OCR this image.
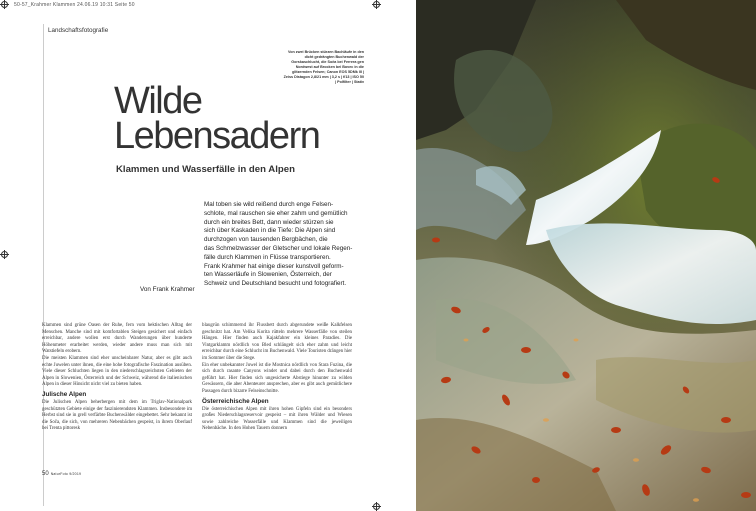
50-57_Krahmer Klammen 24.06.19 10:31 Seite 50
Landschaftsfotografie
Von zwei Brücken stürzen Bachläufe in den dicht gedrängten Buchenwald der Gorskaschlucht, die Soča bei Ferrera gen Nordwest auf Brocken bei Bovec in die glitzernden Felsen; Canon EOS 5DMk III | Zeiss Distagon 2,8/21 mm | 3,2 s | f/13 | ISO 50 | Polfilter | Stativ
Wilde
Lebensadern
Klammen und Wasserfälle in den Alpen
Mal toben sie wild reißend durch enge Felsen-
schlote, mal rauschen sie eher zahm und gemütlich
durch ein breites Bett, dann wieder stürzen sie
sich über Kaskaden in die Tiefe: Die Alpen sind
durchzogen von tausenden Bergbächen, die
das Schmelzwasser der Gletscher und lokale Regen-
fälle durch Klammen in Flüsse transportieren.
Frank Krahmer hat einige dieser kunstvoll geform-
ten Wasserläufe in Slowenien, Österreich, der
Schweiz und Deutschland besucht und fotografiert.
Von Frank Krahmer

Klammen sind grüne Oasen der Ruhe, fern vom hektischen Alltag der Menschen. Manche sind mit komfortablen Steigen gesichert und einfach erreichbar, andere wollen erst durch Wanderungen über hunderte Höhenmeter erarbeitet werden, wieder andere muss man sich mit Watstiefeln erobern.

Die meisten Klammen sind eher unscheinbarer Natur, aber es gibt auch echte Juwelen unter ihnen, die eine hohe fotografische Faszination ausüben. Viele dieser Schluchten liegen in den niederschlagsreichsten Gebieten der Alpen in Slowenien, Österreich und der Schweiz, während die italienischen Alpen in dieser Hinsicht nicht viel zu bieten haben.

Julische Alpen

Die Julischen Alpen beherbergen mit dem im Triglav-Nationalpark geschützten Gebiete einige der faszinierendsten Klammen. Insbesondere im Herbst sind sie in grell verfärbte Buchenwälder eingebettet. Sehr bekannt ist die Soča, die sich, von mehreren Nebenbächen gespeist, in ihrem Oberlauf bei Trenta pittoresk

blaugrün schimmernd ihr Flussbett durch abgerundete weiße Kalkfelsen geschnitzt hat. Am Velika Korita rütteln mehrere Wasserfälle von steilen Hängen. Hier finden auch Kajakfahrer ein kleines Paradies. Die Vintgarklamm nördlich von Bled schlängelt sich eher zahm und leicht erreichbar durch eine Schlucht im Buchenwald. Viele Touristen drängen hier im Sommer über die Stege.

Ein eher unbekannter Juwel ist die Mostnica nördlich von Stara Fuzina, die sich durch rasante Canyons windet und dabei durch den Buchenwald geführt hat. Hier finden sich ungesicherte Abstiege hinunter zu wilden Gewässern, die aber Abenteurer ansprechen, aber es gibt auch gemütlichere Passagen durch bizarre Felseinschnitte.

Österreichische Alpen

Die österreichischen Alpen mit ihren hohen Gipfeln sind ein besonders großes Niederschlagsreservoir gespeist – mit ihren Wälder und Wiesen sowie zahlreiche Wasserfälle und Klammen sind die jeweiligen Nebenbäche. In den Hohen Tauern donnern

50 NaturFoto 9/2019
